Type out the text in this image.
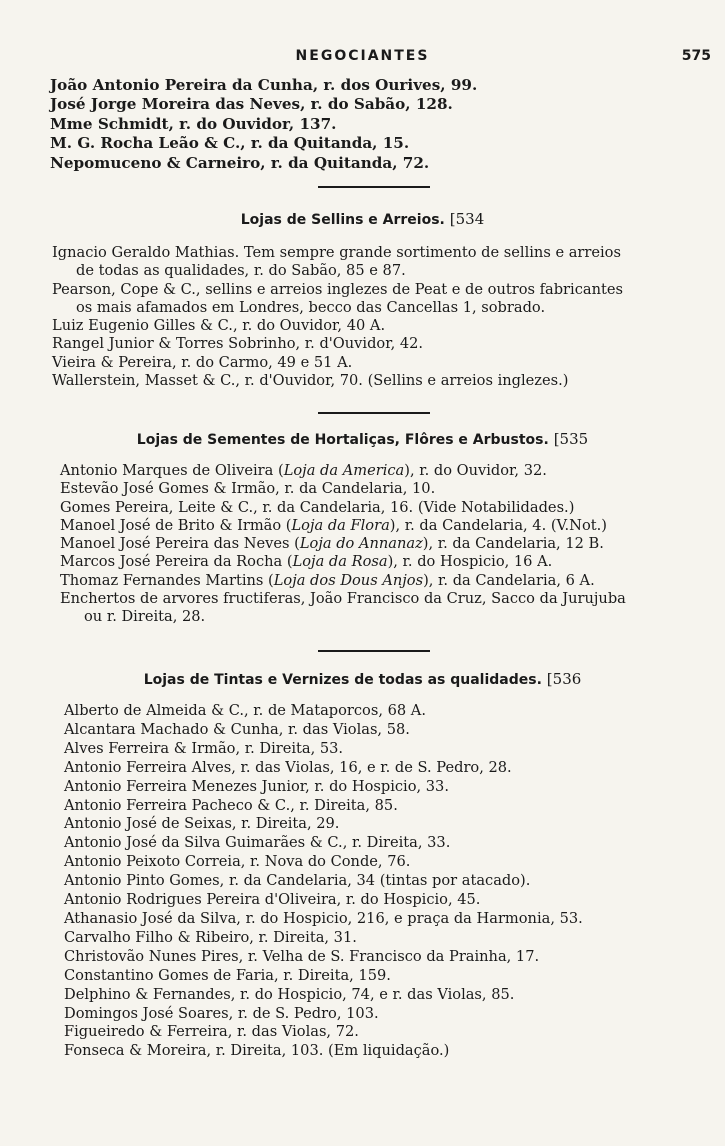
NEGOCIANTES	575

João Antonio Pereira da Cunha, r. dos Ourives, 99.

José Jorge Moreira das Neves, r. do Sabão, 128.

Mme Schmidt, r. do Ouvidor, 137.

M. G. Rocha Leão & C., r. da Quitanda, 15.

Nepomuceno & Carneiro, r. da Quitanda, 72.

Lojas de Sellins e Arreios. [534

Ignacio Geraldo Mathias. Tem sempre grande sortimento de sellins e arreios

de todas as qualidades, r. do Sabão, 85 e 87.

Pearson, Cope & C., sellins e arreios inglezes de Peat e de outros fabricantes

os mais afamados em Londres, becco das Cancellas 1, sobrado.

Luiz Eugenio Gilles & C., r. do Ouvidor, 40 A.

Rangel Junior & Torres Sobrinho, r. d'Ouvidor, 42.

Vieira & Pereira, r. do Carmo, 49 e 51 A.

Wallerstein, Masset & C., r. d'Ouvidor, 70. (Sellins e arreios inglezes.)

Lojas de Sementes de Hortaliças, Flôres e Arbustos. [535

Antonio Marques de Oliveira (Loja da America), r. do Ouvidor, 32.

Estevão José Gomes & Irmão, r. da Candelaria, 10.

Gomes Pereira, Leite & C., r. da Candelaria, 16. (Vide Notabilidades.)

Manoel José de Brito & Irmão (Loja da Flora), r. da Candelaria, 4. (V.Not.)

Manoel José Pereira das Neves (Loja do Annanaz), r. da Candelaria, 12 B.

Marcos José Pereira da Rocha (Loja da Rosa), r. do Hospicio, 16 A.

Thomaz Fernandes Martins (Loja dos Dous Anjos), r. da Candelaria, 6 A.

Enchertos de arvores fructiferas, João Francisco da Cruz, Sacco da Jurujuba

ou r. Direita, 28.

Lojas de Tintas e Vernizes de todas as qualidades. [536

Alberto de Almeida & C., r. de Mataporcos, 68 A.

Alcantara Machado & Cunha, r. das Violas, 58.

Alves Ferreira & Irmão, r. Direita, 53.

Antonio Ferreira Alves, r. das Violas, 16, e r. de S. Pedro, 28.

Antonio Ferreira Menezes Junior, r. do Hospicio, 33.

Antonio Ferreira Pacheco & C., r. Direita, 85.

Antonio José de Seixas, r. Direita, 29.

Antonio José da Silva Guimarães & C., r. Direita, 33.

Antonio Peixoto Correia, r. Nova do Conde, 76.

Antonio Pinto Gomes, r. da Candelaria, 34 (tintas por atacado).

Antonio Rodrigues Pereira d'Oliveira, r. do Hospicio, 45.

Athanasio José da Silva, r. do Hospicio, 216, e praça da Harmonia, 53.

Carvalho Filho & Ribeiro, r. Direita, 31.

Christovão Nunes Pires, r. Velha de S. Francisco da Prainha, 17.

Constantino Gomes de Faria, r. Direita, 159.

Delphino & Fernandes, r. do Hospicio, 74, e r. das Violas, 85.

Domingos José Soares, r. de S. Pedro, 103.

Figueiredo & Ferreira, r. das Violas, 72.

Fonseca & Moreira, r. Direita, 103. (Em liquidação.)
